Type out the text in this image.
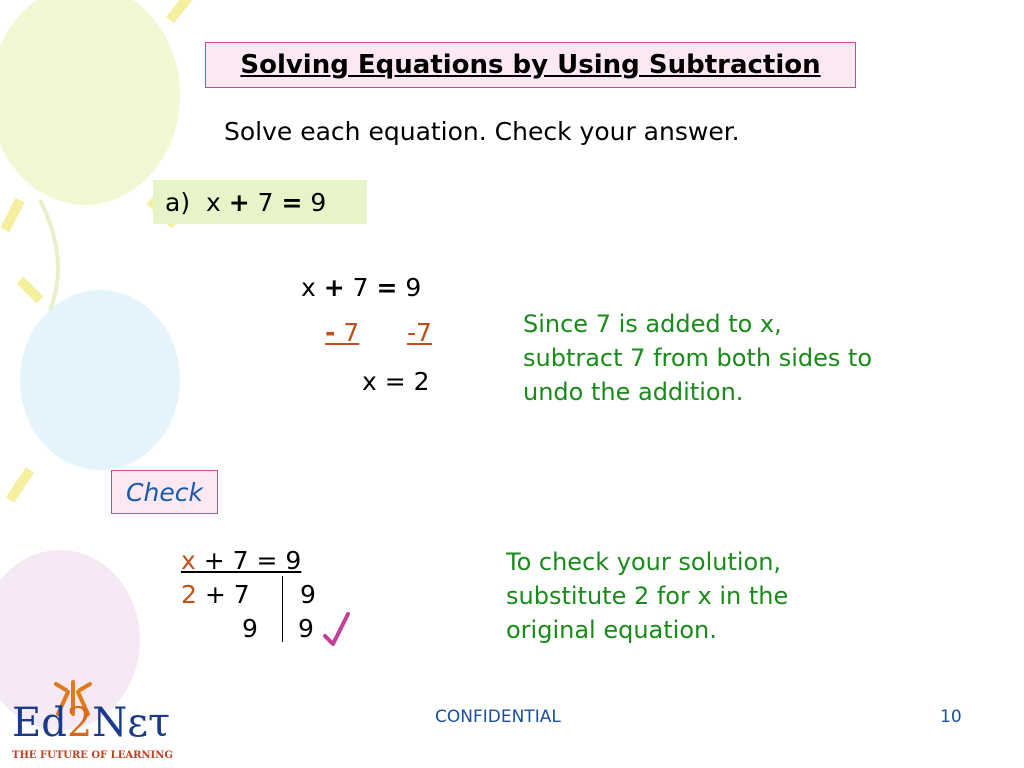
Solving Equations by Using Subtraction
Solve each equation. Check your answer.
a)
x
+
7
=
9
x + 7 = 9
- 7 -7
x = 2
Since 7 is added to x,
subtract 7 from both sides to
undo the addition.
Check
x + 7 = 9
2 + 7 9
9 9
To check your solution,
substitute 2 for x in the
original equation.
CONFIDENTIAL	10
Ed2Nετ
THE FUTURE OF LEARNING
